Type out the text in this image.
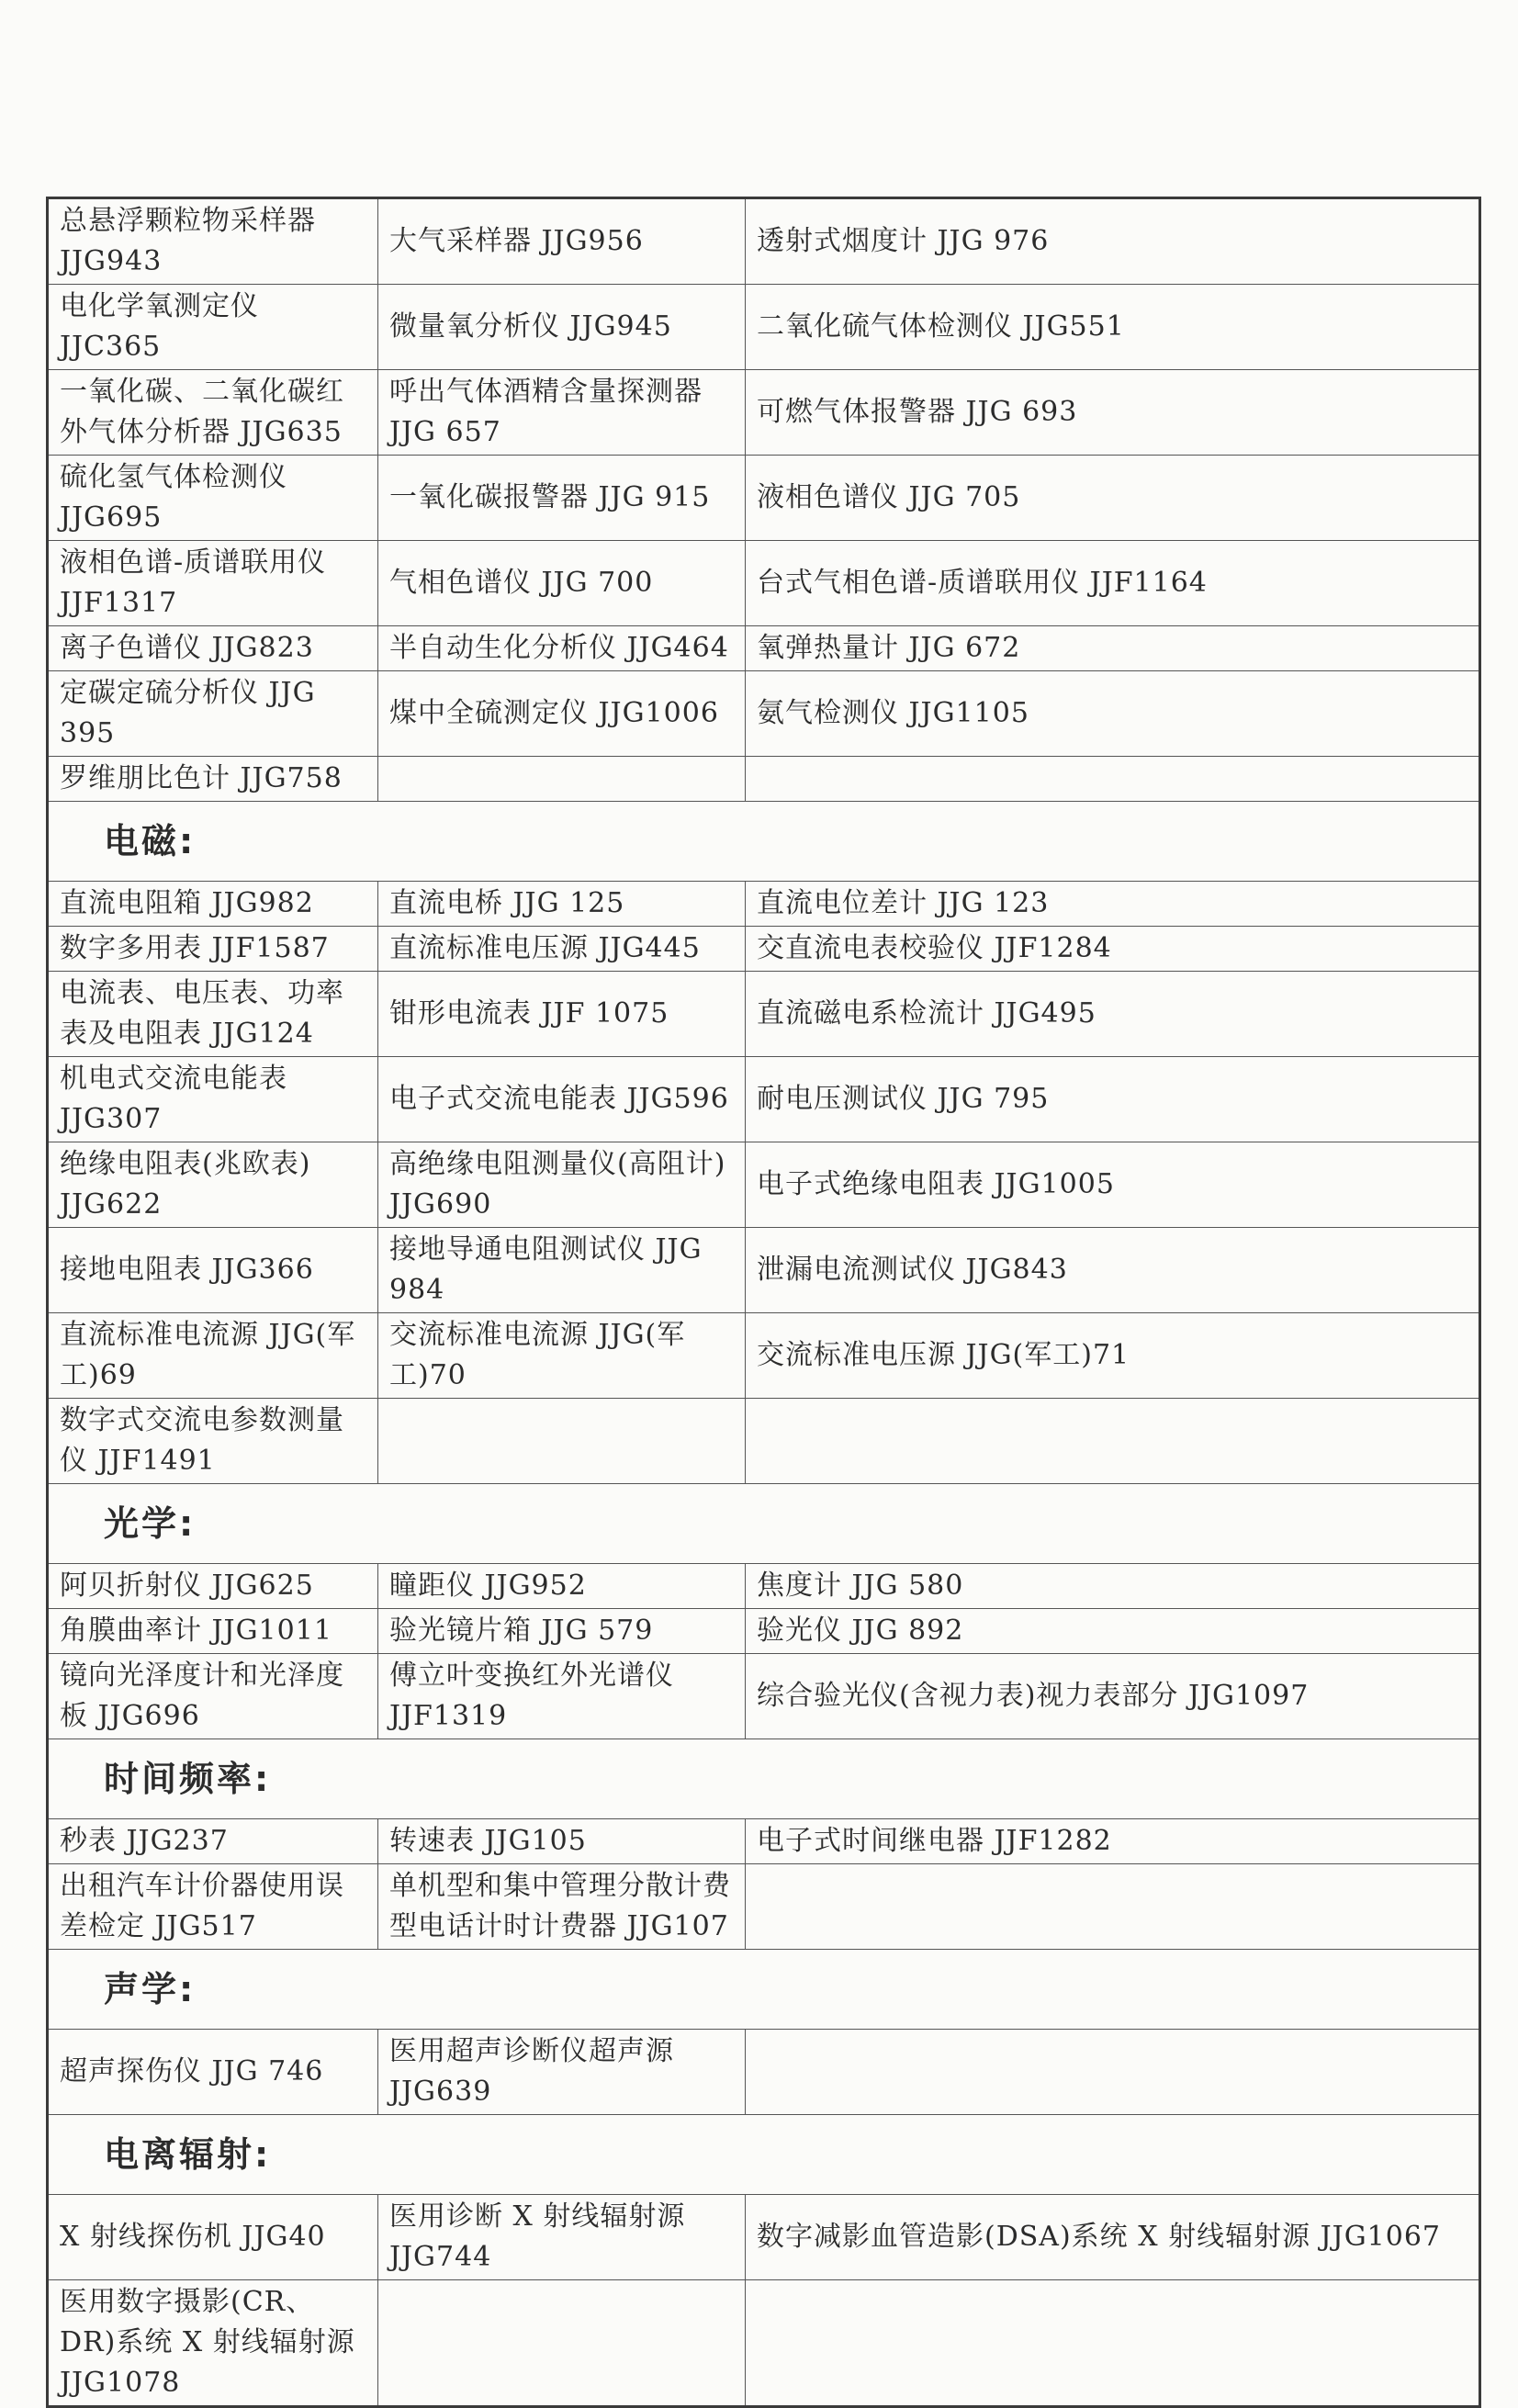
总悬浮颗粒物采样器 JJG943	大气采样器 JJG956	透射式烟度计 JJG 976
电化学氧测定仪 JJC365	微量氧分析仪 JJG945	二氧化硫气体检测仪 JJG551
一氧化碳、二氧化碳红外气体分析器 JJG635	呼出气体酒精含量探测器 JJG 657	可燃气体报警器 JJG 693
硫化氢气体检测仪 JJG695	一氧化碳报警器 JJG 915	液相色谱仪 JJG 705
液相色谱-质谱联用仪 JJF1317	气相色谱仪 JJG 700	台式气相色谱-质谱联用仪 JJF1164
离子色谱仪 JJG823	半自动生化分析仪 JJG464	氧弹热量计 JJG 672
定碳定硫分析仪 JJG 395	煤中全硫测定仪 JJG1006	氨气检测仪 JJG1105
罗维朋比色计 JJG758		
电磁:		
直流电阻箱 JJG982	直流电桥 JJG 125	直流电位差计 JJG 123
数字多用表 JJF1587	直流标准电压源 JJG445	交直流电表校验仪 JJF1284
电流表、电压表、功率表及电阻表 JJG124	钳形电流表 JJF 1075	直流磁电系检流计 JJG495
机电式交流电能表 JJG307	电子式交流电能表 JJG596	耐电压测试仪 JJG 795
绝缘电阻表(兆欧表) JJG622	高绝缘电阻测量仪(高阻计) JJG690	电子式绝缘电阻表 JJG1005
接地电阻表 JJG366	接地导通电阻测试仪 JJG 984	泄漏电流测试仪 JJG843
直流标准电流源 JJG(军工)69	交流标准电流源 JJG(军工)70	交流标准电压源 JJG(军工)71
数字式交流电参数测量仪 JJF1491		
光学:		
阿贝折射仪 JJG625	瞳距仪 JJG952	焦度计 JJG 580
角膜曲率计 JJG1011	验光镜片箱 JJG 579	验光仪 JJG 892
镜向光泽度计和光泽度板 JJG696	傅立叶变换红外光谱仪 JJF1319	综合验光仪(含视力表)视力表部分 JJG1097
时间频率:		
秒表 JJG237	转速表 JJG105	电子式时间继电器 JJF1282
出租汽车计价器使用误差检定 JJG517	单机型和集中管理分散计费型电话计时计费器 JJG107	
声学:		
超声探伤仪 JJG 746	医用超声诊断仪超声源 JJG639	
电离辐射:		
X 射线探伤机 JJG40	医用诊断 X 射线辐射源 JJG744	数字减影血管造影(DSA)系统 X 射线辐射源 JJG1067
医用数字摄影(CR、DR)系统 X 射线辐射源 JJG1078		
